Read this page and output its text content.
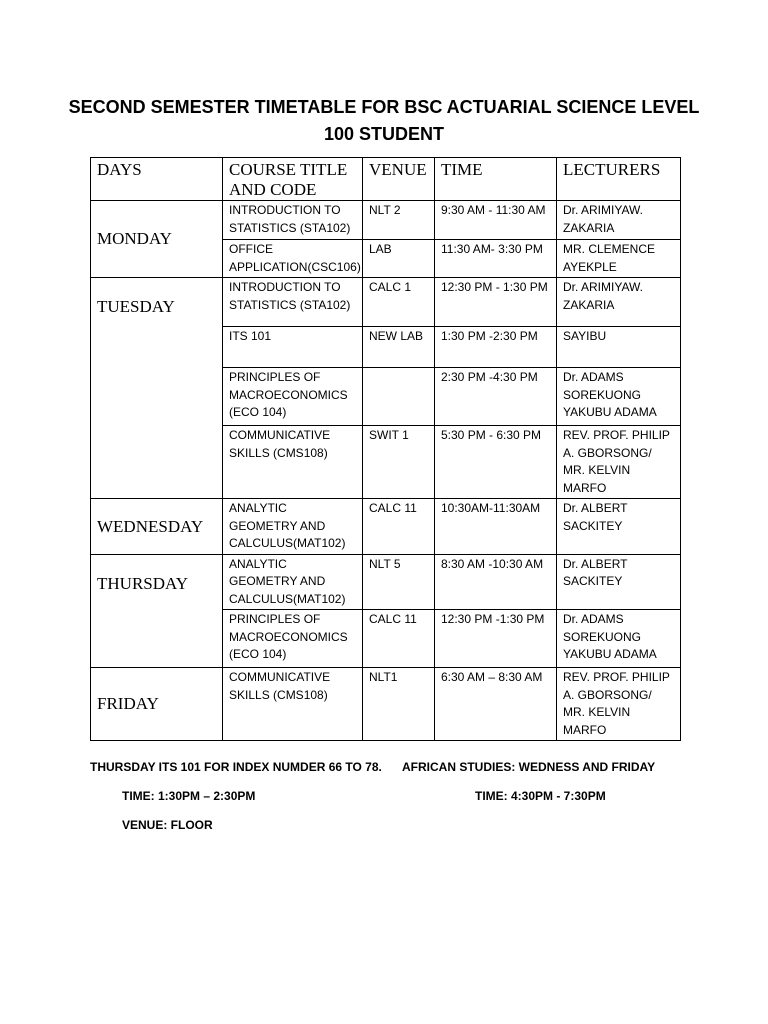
SECOND SEMESTER TIMETABLE FOR BSC ACTUARIAL SCIENCE LEVEL
100 STUDENT
DAYS	COURSE TITLE AND CODE	VENUE	TIME	LECTURERS
MONDAY	INTRODUCTION TO STATISTICS (STA102)	NLT 2	9:30 AM - 11:30 AM	Dr. ARIMIYAW. ZAKARIA
	OFFICE APPLICATION(CSC106)	LAB	11:30 AM- 3:30 PM	MR. CLEMENCE AYEKPLE
TUESDAY	INTRODUCTION TO STATISTICS (STA102)	CALC 1	12:30 PM - 1:30 PM	Dr. ARIMIYAW. ZAKARIA
	ITS 101	NEW LAB	1:30 PM -2:30 PM	SAYIBU
	PRINCIPLES OF MACROECONOMICS (ECO 104)		2:30 PM -4:30 PM	Dr. ADAMS SOREKUONG YAKUBU ADAMA
	COMMUNICATIVE SKILLS (CMS108)	SWIT 1	5:30 PM - 6:30 PM	REV. PROF. PHILIP A. GBORSONG/ MR. KELVIN MARFO
WEDNESDAY	ANALYTIC GEOMETRY AND CALCULUS(MAT102)	CALC 11	10:30AM-11:30AM	Dr. ALBERT SACKITEY
THURSDAY	ANALYTIC GEOMETRY AND CALCULUS(MAT102)	NLT 5	8:30 AM -10:30 AM	Dr. ALBERT SACKITEY
	PRINCIPLES OF MACROECONOMICS (ECO 104)	CALC 11	12:30 PM -1:30 PM	Dr. ADAMS SOREKUONG YAKUBU ADAMA
FRIDAY	COMMUNICATIVE SKILLS (CMS108)	NLT1	6:30 AM – 8:30 AM	REV. PROF. PHILIP A. GBORSONG/ MR. KELVIN MARFO
THURSDAY ITS 101 FOR INDEX NUMDER 66 TO 78. AFRICAN STUDIES: WEDNESS AND FRIDAY
TIME: 1:30PM – 2:30PM	TIME: 4:30PM - 7:30PM
VENUE: FLOOR
